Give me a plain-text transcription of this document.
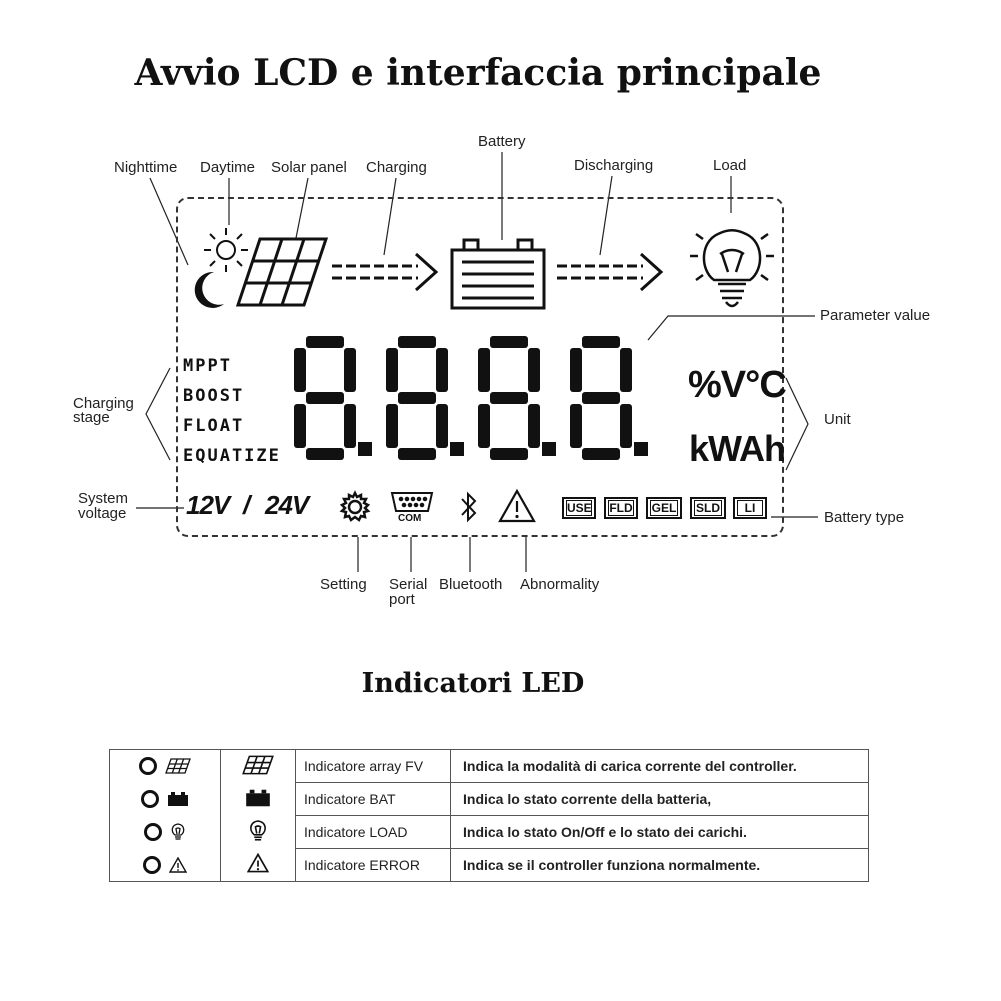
Avvio LCD e interfaccia principale
Indicatori LED
Nighttime Daytime Solar panel Charging
Battery
Discharging	Load
Parameter value
Charging
stage	Unit
System
voltage	Battery type
Setting Serial
port
Bluetooth Abnormality
MPPT
BOOST
FLOAT
EQUATIZE
%V°C
kWAh
12V / 24V	COM
USE FLD GEL SLD	LI
		Indicatore array FV	Indica la modalità di carica corrente del controller.

		Indicatore BAT	Indica lo stato corrente della batteria,

		Indicatore LOAD	Indica lo stato On/Off e lo stato dei carichi.

		Indicatore ERROR	Indica se il controller funziona normalmente.
